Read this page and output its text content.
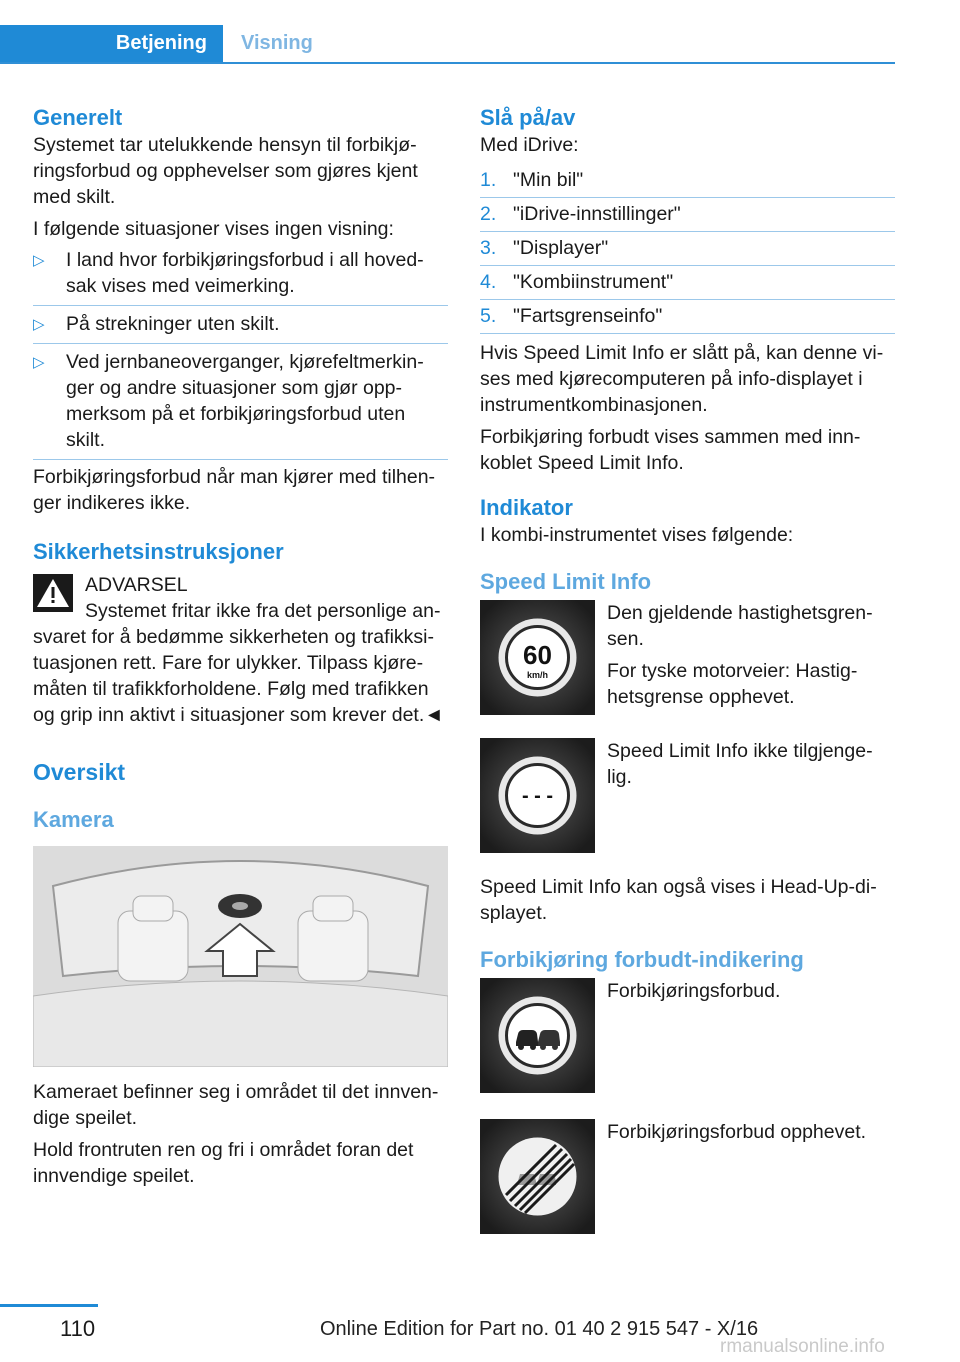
Betjening	Visning
Generelt

Systemet tar utelukkende hensyn til forbikjø-ringsforbud og opphevelser som gjøres kjent med skilt.

I følgende situasjoner vises ingen visning:

▷ I land hvor forbikjøringsforbud i all hoved-sak vises med veimerking.
▷ På strekninger uten skilt.
▷ Ved jernbaneoverganger, kjørefeltmerkin-ger og andre situasjoner som gjør opp-merksom på et forbikjøringsforbud uten skilt.

Forbikjøringsforbud når man kjører med tilhen-ger indikeres ikke.

Sikkerhetsinstruksjoner
ADVARSEL
Systemet fritar ikke fra det personlige an-svaret for å bedømme sikkerheten og trafikksi-tuasjonen rett. Fare for ulykker. Tilpass kjøre-måten til trafikkforholdene. Følg med trafikken og grip inn aktivt i situasjoner som krever det.◄
Oversikt
Kamera

Kameraet befinner seg i området til det innven-dige speilet.

Hold frontruten ren og fri i området foran det innvendige speilet.

Slå på/av

Med iDrive:

1. "Min bil"
2. "iDrive-innstillinger"
3. "Displayer"
4. "Kombiinstrument"
5. "Fartsgrenseinfo"

Hvis Speed Limit Info er slått på, kan denne vi-ses med kjørecomputeren på info-displayet i instrumentkombinasjonen.

Forbikjøring forbudt vises sammen med inn-koblet Speed Limit Info.

Indikator

I kombi-instrumentet vises følgende:

Speed Limit Info
60
km/h

Den gjeldende hastighetsgren-sen.

For tyske motorveier: Hastig-hetsgrense opphevet.

- - -

Speed Limit Info ikke tilgjenge-lig.

Speed Limit Info kan også vises i Head-Up-di-splayet.

Forbikjøring forbudt-indikering

Forbikjøringsforbud.

Forbikjøringsforbud opphevet.

110	Online Edition for Part no. 01 40 2 915 547 - X/16
rmanualsonline.info
